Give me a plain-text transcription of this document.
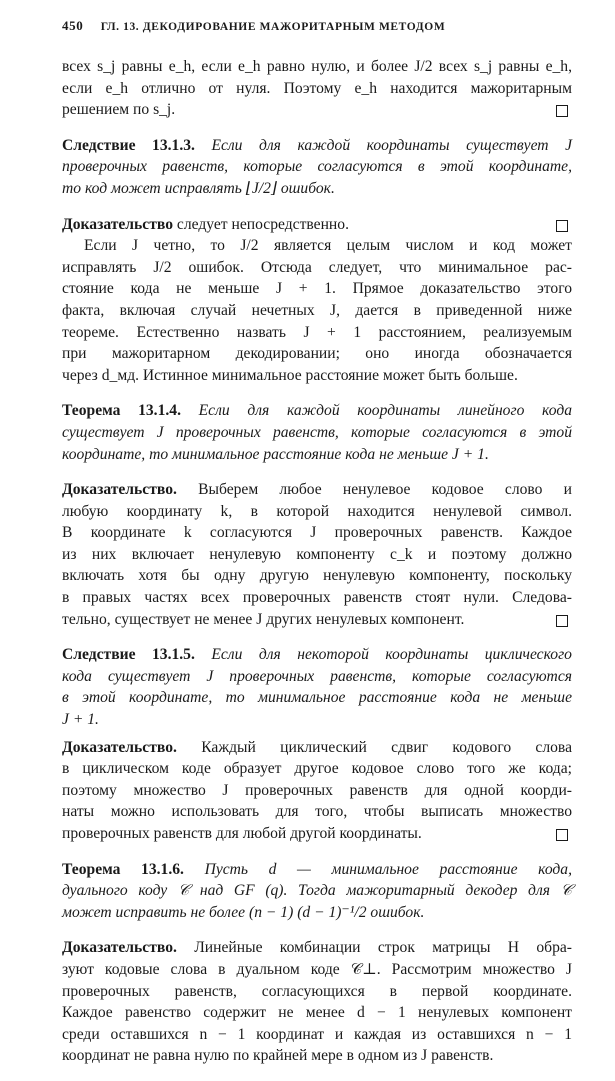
450 ГЛ. 13. ДЕКОДИРОВАНИЕ МАЖОРИТАРНЫМ МЕТОДОМ
всех s_j равны e_h, если e_h равно нулю, и более J/2 всех s_j равны e_h,
если e_h отлично от нуля. Поэтому e_h находится мажоритарным
решением по s_j.
Следствие 13.1.3. Если для каждой координаты существует J
проверочных равенств, которые согласуются в этой координате,
то код может исправлять ⌊J/2⌋ ошибок.
Доказательство следует непосредственно.
Если J четно, то J/2 является целым числом и код может
исправлять J/2 ошибок. Отсюда следует, что минимальное рас-
стояние кода не меньше J + 1. Прямое доказательство этого
факта, включая случай нечетных J, дается в приведенной ниже
теореме. Естественно назвать J + 1 расстоянием, реализуемым
при мажоритарном декодировании; оно иногда обозначается
через d_мд. Истинное минимальное расстояние может быть больше.
Теорема 13.1.4. Если для каждой координаты линейного кода
существует J проверочных равенств, которые согласуются в этой
координате, то минимальное расстояние кода не меньше J + 1.
Доказательство. Выберем любое ненулевое кодовое слово и
любую координату k, в которой находится ненулевой символ.
В координате k согласуются J проверочных равенств. Каждое
из них включает ненулевую компоненту c_k и поэтому должно
включать хотя бы одну другую ненулевую компоненту, поскольку
в правых частях всех проверочных равенств стоят нули. Следова-
тельно, существует не менее J других ненулевых компонент.
Следствие 13.1.5. Если для некоторой координаты циклического
кода существует J проверочных равенств, которые согласуются
в этой координате, то минимальное расстояние кода не меньше
J + 1.
Доказательство. Каждый циклический сдвиг кодового слова
в циклическом коде образует другое кодовое слово того же кода;
поэтому множество J проверочных равенств для одной коорди-
наты можно использовать для того, чтобы выписать множество
проверочных равенств для любой другой координаты.
Теорема 13.1.6. Пусть d — минимальное расстояние кода,
дуального коду 𝒞 над GF (q). Тогда мажоритарный декодер для 𝒞
может исправить не более (n − 1) (d − 1)⁻¹/2 ошибок.
Доказательство. Линейные комбинации строк матрицы H обра-
зуют кодовые слова в дуальном коде 𝒞⊥. Рассмотрим множество J
проверочных равенств, согласующихся в первой координате.
Каждое равенство содержит не менее d − 1 ненулевых компонент
среди оставшихся n − 1 координат и каждая из оставшихся n − 1
координат не равна нулю по крайней мере в одном из J равенств.
